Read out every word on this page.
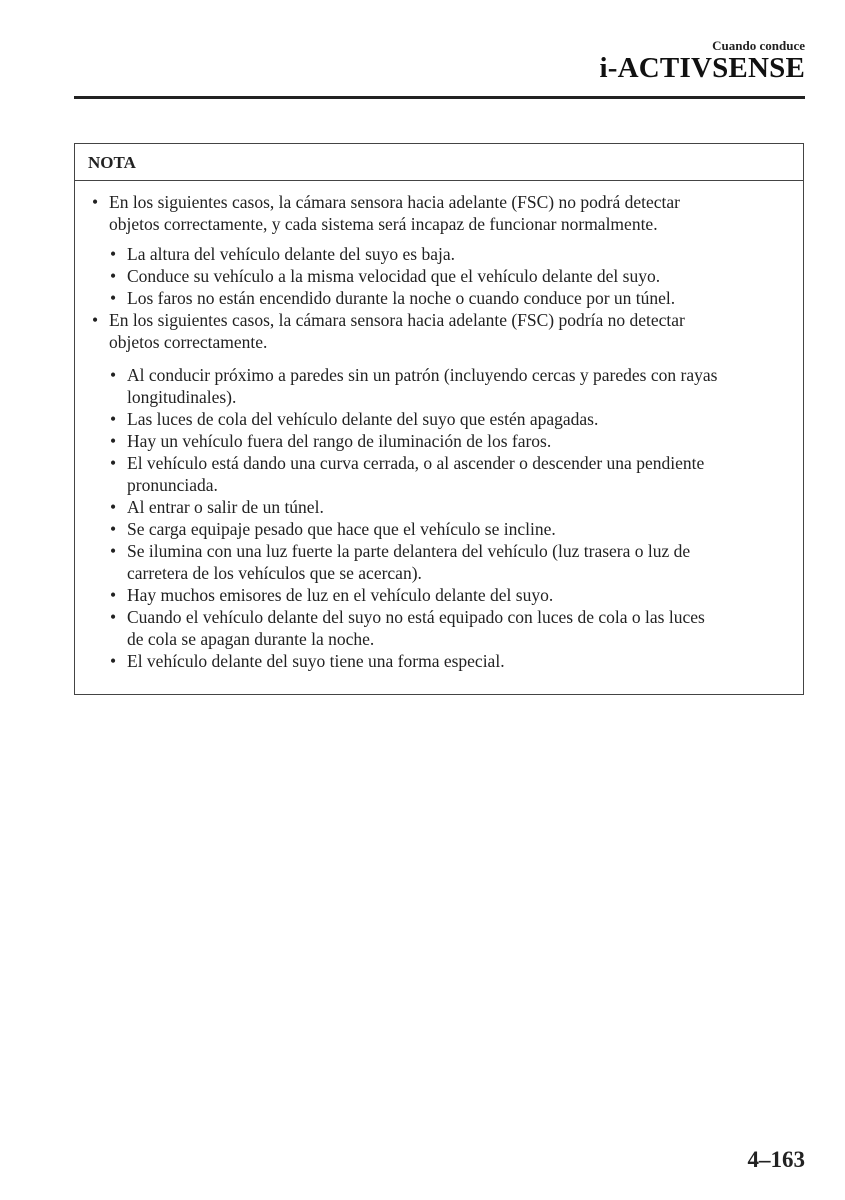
Cuando conduce
i-ACTIVSENSE
NOTA
• En los siguientes casos, la cámara sensora hacia adelante (FSC) no podrá detectar
objetos correctamente, y cada sistema será incapaz de funcionar normalmente.
• La altura del vehículo delante del suyo es baja.
• Conduce su vehículo a la misma velocidad que el vehículo delante del suyo.
• Los faros no están encendido durante la noche o cuando conduce por un túnel.
• En los siguientes casos, la cámara sensora hacia adelante (FSC) podría no detectar
objetos correctamente.
• Al conducir próximo a paredes sin un patrón (incluyendo cercas y paredes con rayas
longitudinales).
• Las luces de cola del vehículo delante del suyo que estén apagadas.
• Hay un vehículo fuera del rango de iluminación de los faros.
• El vehículo está dando una curva cerrada, o al ascender o descender una pendiente
pronunciada.
• Al entrar o salir de un túnel.
• Se carga equipaje pesado que hace que el vehículo se incline.
• Se ilumina con una luz fuerte la parte delantera del vehículo (luz trasera o luz de
carretera de los vehículos que se acercan).
• Hay muchos emisores de luz en el vehículo delante del suyo.
• Cuando el vehículo delante del suyo no está equipado con luces de cola o las luces
de cola se apagan durante la noche.
• El vehículo delante del suyo tiene una forma especial.
4–163
